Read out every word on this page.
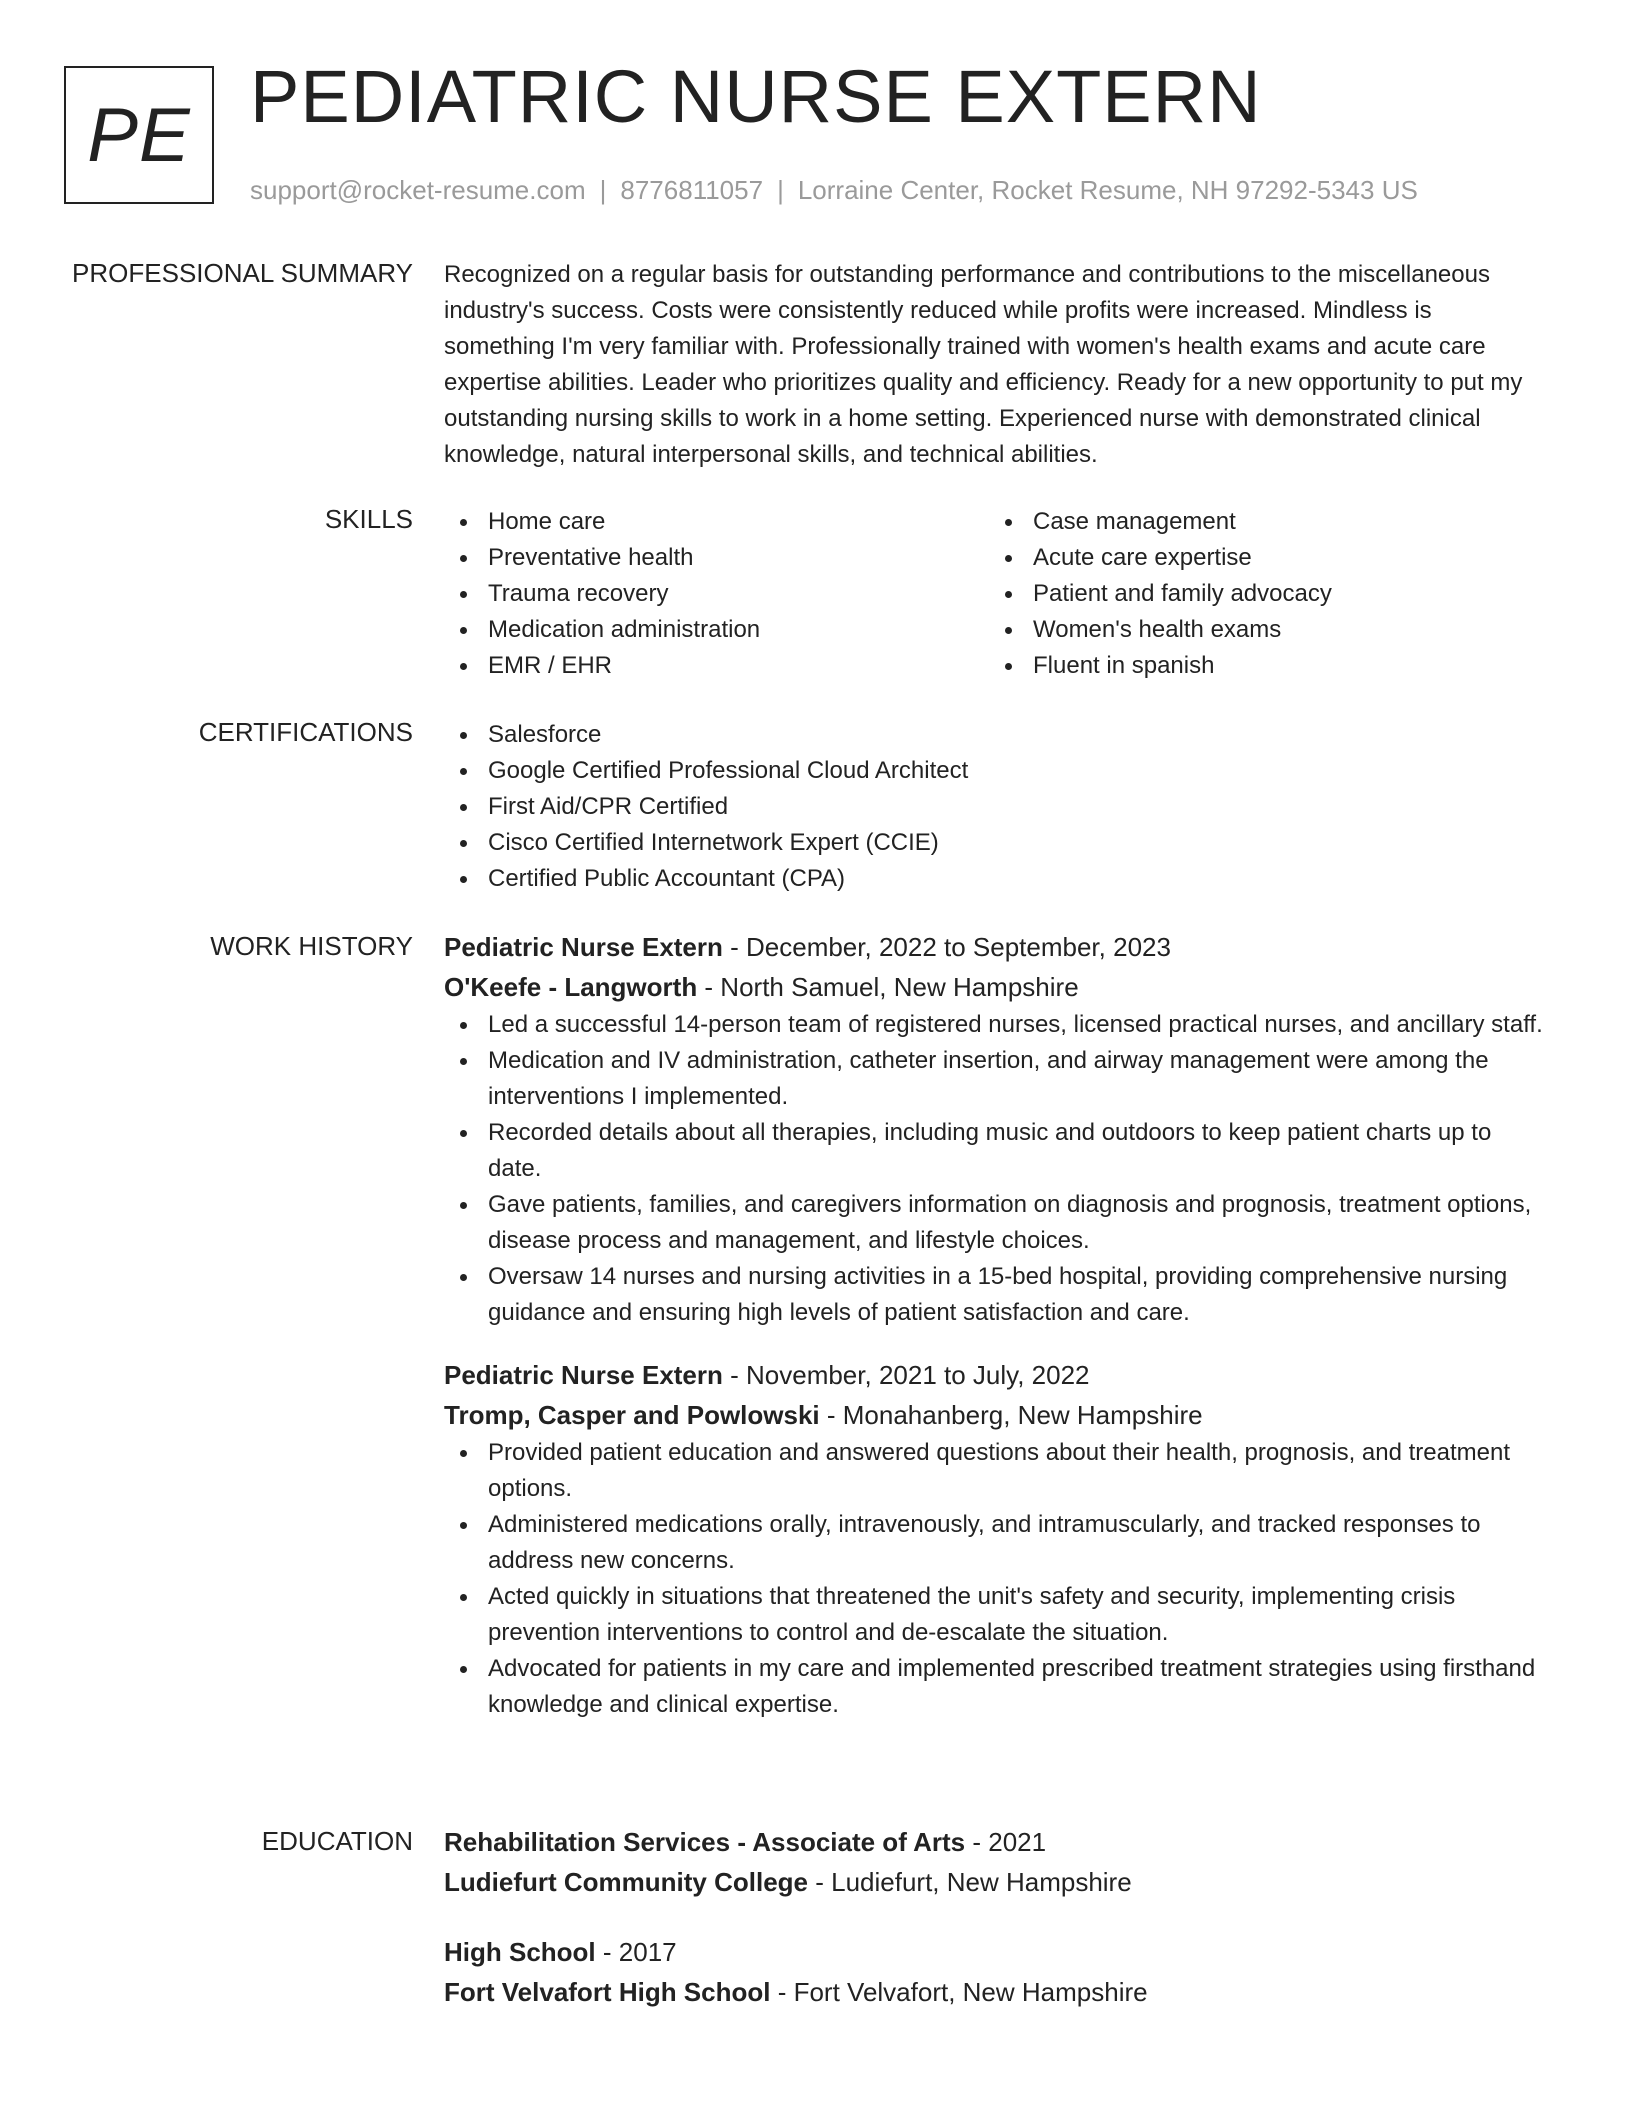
PE PEDIATRIC NURSE EXTERN
support@rocket-resume.com | 8776811057 | Lorraine Center, Rocket Resume, NH 97292-5343 US
PROFESSIONAL SUMMARY Recognized on a regular basis for outstanding performance and contributions to the miscellaneous industry's success. Costs were consistently reduced while profits were increased. Mindless is something I'm very familiar with. Professionally trained with women's health exams and acute care expertise abilities. Leader who prioritizes quality and efficiency. Ready for a new opportunity to put my outstanding nursing skills to work in a home setting. Experienced nurse with demonstrated clinical knowledge, natural interpersonal skills, and technical abilities.

SKILLS	Home care
Preventative health
Trauma recovery
Medication administration
EMR / EHR
Case management
Acute care expertise
Patient and family advocacy
Women's health exams
Fluent in spanish
CERTIFICATIONS	Salesforce
Google Certified Professional Cloud Architect
First Aid/CPR Certified
Cisco Certified Internetwork Expert (CCIE)
Certified Public Accountant (CPA)
WORK HISTORY Pediatric Nurse Extern - December, 2022 to September, 2023
O'Keefe - Langworth - North Samuel, New Hampshire
Led a successful 14-person team of registered nurses, licensed practical nurses, and ancillary staff.
Medication and IV administration, catheter insertion, and airway management were among the interventions I implemented.
Recorded details about all therapies, including music and outdoors to keep patient charts up to date.
Gave patients, families, and caregivers information on diagnosis and prognosis, treatment options, disease process and management, and lifestyle choices.
Oversaw 14 nurses and nursing activities in a 15-bed hospital, providing comprehensive nursing guidance and ensuring high levels of patient satisfaction and care.
Pediatric Nurse Extern - November, 2021 to July, 2022
Tromp, Casper and Powlowski - Monahanberg, New Hampshire
Provided patient education and answered questions about their health, prognosis, and treatment options.
Administered medications orally, intravenously, and intramuscularly, and tracked responses to address new concerns.
Acted quickly in situations that threatened the unit's safety and security, implementing crisis prevention interventions to control and de-escalate the situation.
Advocated for patients in my care and implemented prescribed treatment strategies using firsthand knowledge and clinical expertise.
EDUCATION Rehabilitation Services - Associate of Arts - 2021
Ludiefurt Community College - Ludiefurt, New Hampshire
High School - 2017
Fort Velvafort High School - Fort Velvafort, New Hampshire
